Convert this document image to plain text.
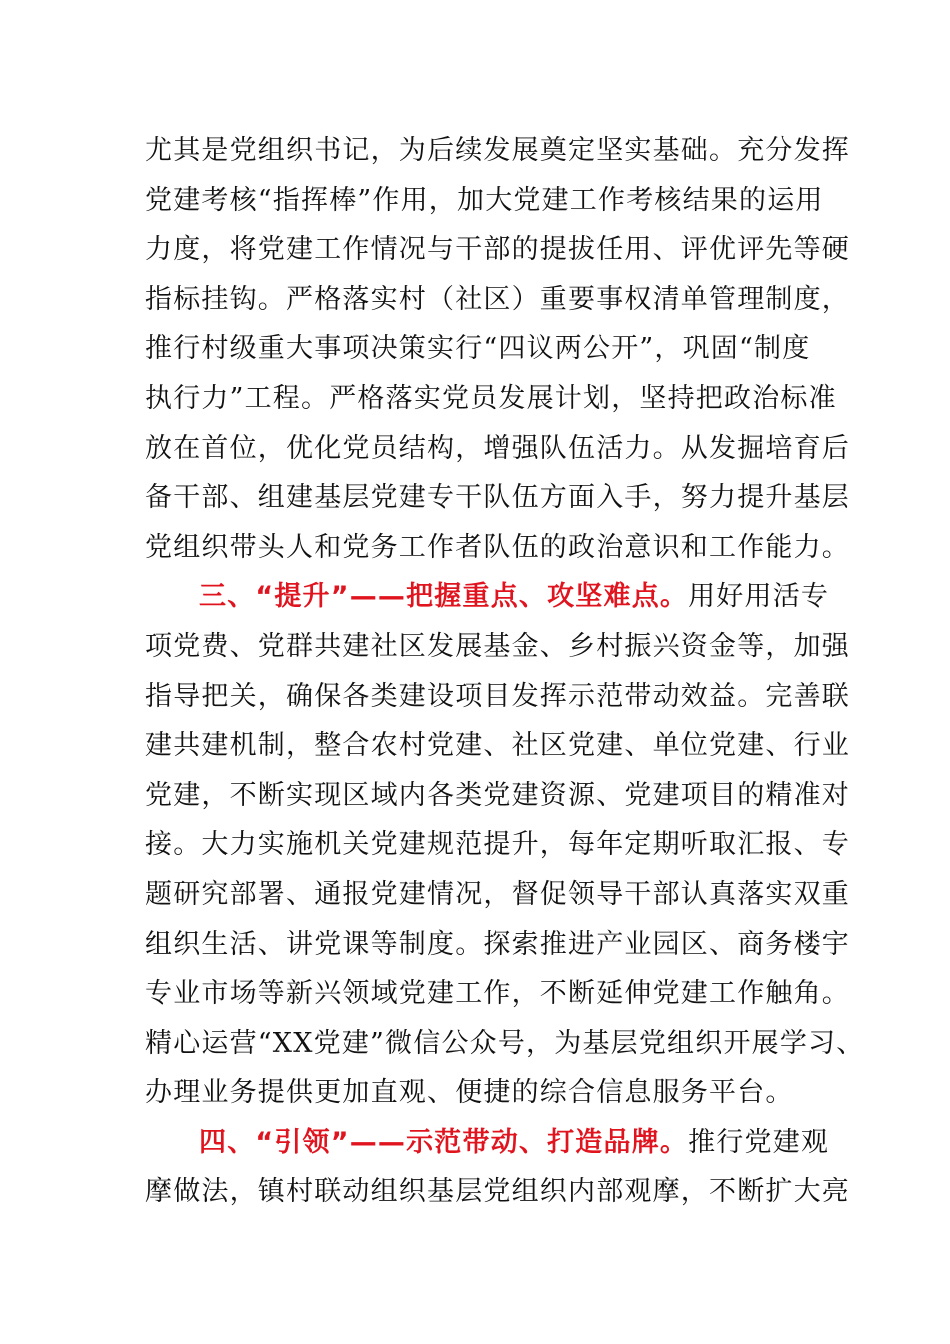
尤其是党组织书记，为后续发展奠定坚实基础。充分发挥
党建考核“指挥棒”作用，加大党建工作考核结果的运用
力度，将党建工作情况与干部的提拔任用、评优评先等硬
指标挂钩。严格落实村（社区）重要事权清单管理制度，
推行村级重大事项决策实行“四议两公开”，巩固“制度
执行力”工程。严格落实党员发展计划，坚持把政治标准
放在首位，优化党员结构，增强队伍活力。从发掘培育后
备干部、组建基层党建专干队伍方面入手，努力提升基层
党组织带头人和党务工作者队伍的政治意识和工作能力。
三、“提升”——把握重点、攻坚难点。用好用活专
项党费、党群共建社区发展基金、乡村振兴资金等，加强
指导把关，确保各类建设项目发挥示范带动效益。完善联
建共建机制，整合农村党建、社区党建、单位党建、行业
党建，不断实现区域内各类党建资源、党建项目的精准对
接。大力实施机关党建规范提升，每年定期听取汇报、专
题研究部署、通报党建情况，督促领导干部认真落实双重
组织生活、讲党课等制度。探索推进产业园区、商务楼宇
专业市场等新兴领域党建工作，不断延伸党建工作触角。
精心运营“XX党建”微信公众号，为基层党组织开展学习、
办理业务提供更加直观、便捷的综合信息服务平台。
四、“引领”——示范带动、打造品牌。推行党建观
摩做法，镇村联动组织基层党组织内部观摩，不断扩大亮
